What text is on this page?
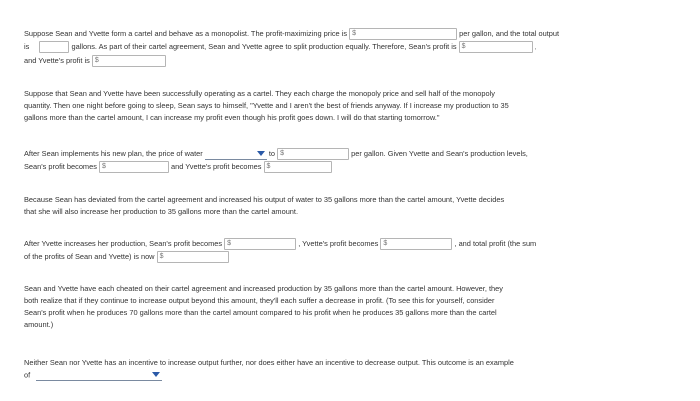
Suppose Sean and Yvette form a cartel and behave as a monopolist. The profit-maximizing price is $	per gallon, and the total output
is	gallons. As part of their cartel agreement, Sean and Yvette agree to split production equally. Therefore, Sean's profit is $	,
and Yvette's profit is $
Suppose that Sean and Yvette have been successfully operating as a cartel. They each charge the monopoly price and sell half of the monopoly
quantity. Then one night before going to sleep, Sean says to himself, "Yvette and I aren't the best of friends anyway. If I increase my production to 35
gallons more than the cartel amount, I can increase my profit even though his profit goes down. I will do that starting tomorrow."
After Sean implements his new plan, the price of water	to $	per gallon. Given Yvette and Sean's production levels,
Sean's profit becomes $	and Yvette's profit becomes $
Because Sean has deviated from the cartel agreement and increased his output of water to 35 gallons more than the cartel amount, Yvette decides
that she will also increase her production to 35 gallons more than the cartel amount.
After Yvette increases her production, Sean's profit becomes $	, Yvette's profit becomes $	, and total profit (the sum
of the profits of Sean and Yvette) is now $
Sean and Yvette have each cheated on their cartel agreement and increased production by 35 gallons more than the cartel amount. However, they
both realize that if they continue to increase output beyond this amount, they'll each suffer a decrease in profit. (To see this for yourself, consider
Sean's profit when he produces 70 gallons more than the cartel amount compared to his profit when he produces 35 gallons more than the cartel
amount.)
Neither Sean nor Yvette has an incentive to increase output further, nor does either have an incentive to decrease output. This outcome is an example
of
